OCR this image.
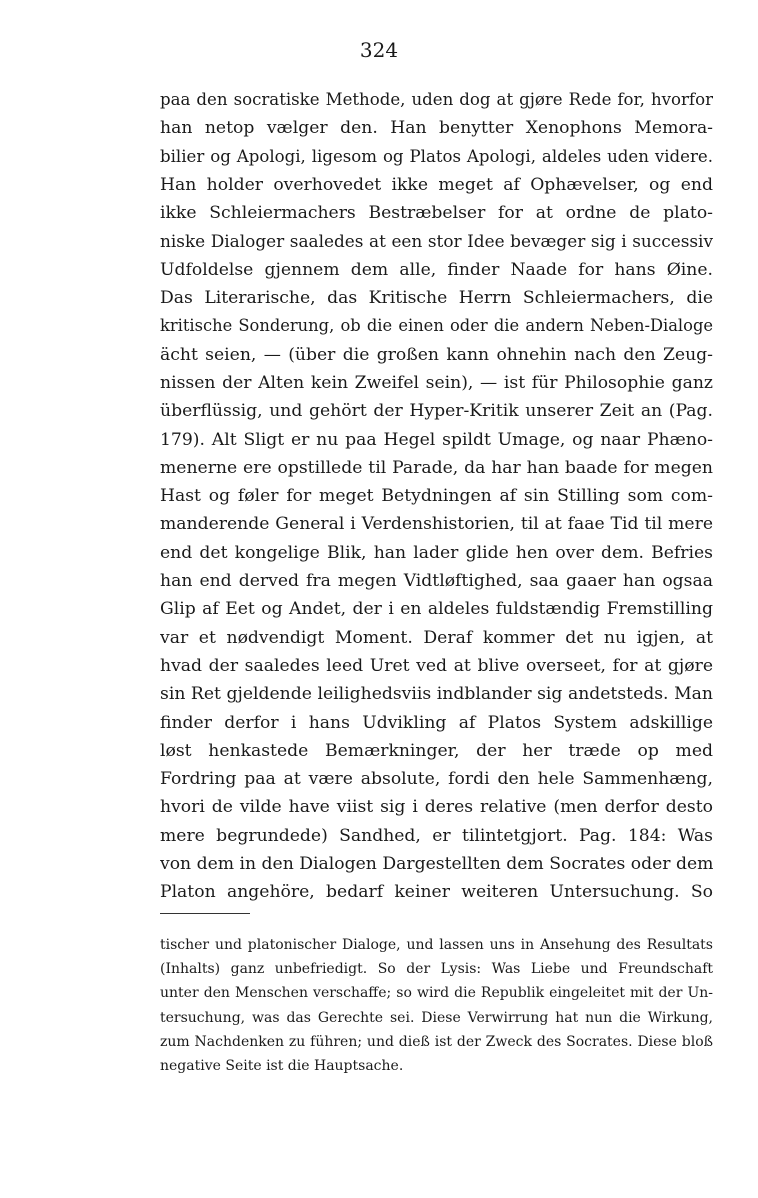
324
paa den socratiske Methode, uden dog at gjøre Rede for, hvorfor
han netop vælger den. Han benytter Xenophons Memora-
bilier og Apologi, ligesom og Platos Apologi, aldeles uden videre.
Han holder overhovedet ikke meget af Ophævelser, og end
ikke Schleiermachers Bestræbelser for at ordne de plato-
niske Dialoger saaledes at een stor Idee bevæger sig i successiv
Udfoldelse gjennem dem alle, finder Naade for hans Øine.
Das Literarische, das Kritische Herrn Schleiermachers, die
kritische Sonderung, ob die einen oder die andern Neben-Dialoge
ächt seien, — (über die großen kann ohnehin nach den Zeug-
nissen der Alten kein Zweifel sein), — ist für Philosophie ganz
überflüssig, und gehört der Hyper-Kritik unserer Zeit an (Pag.
179). Alt Sligt er nu paa Hegel spildt Umage, og naar Phæno-
menerne ere opstillede til Parade, da har han baade for megen
Hast og føler for meget Betydningen af sin Stilling som com-
manderende General i Verdenshistorien, til at faae Tid til mere
end det kongelige Blik, han lader glide hen over dem. Befries
han end derved fra megen Vidtløftighed, saa gaaer han ogsaa
Glip af Eet og Andet, der i en aldeles fuldstændig Fremstilling
var et nødvendigt Moment. Deraf kommer det nu igjen, at
hvad der saaledes leed Uret ved at blive overseet, for at gjøre
sin Ret gjeldende leilighedsviis indblander sig andetsteds. Man
finder derfor i hans Udvikling af Platos System adskillige
løst henkastede Bemærkninger, der her træde op med
Fordring paa at være absolute, fordi den hele Sammenhæng,
hvori de vilde have viist sig i deres relative (men derfor desto
mere begrundede) Sandhed, er tilintetgjort. Pag. 184: Was
von dem in den Dialogen Dargestellten dem Socrates oder dem
Platon angehöre, bedarf keiner weiteren Untersuchung. So
tischer und platonischer Dialoge, und lassen uns in Ansehung des Resultats
(Inhalts) ganz unbefriedigt. So der Lysis: Was Liebe und Freundschaft
unter den Menschen verschaffe; so wird die Republik eingeleitet mit der Un-
tersuchung, was das Gerechte sei. Diese Verwirrung hat nun die Wirkung,
zum Nachdenken zu führen; und dieß ist der Zweck des Socrates. Diese bloß
negative Seite ist die Hauptsache.
